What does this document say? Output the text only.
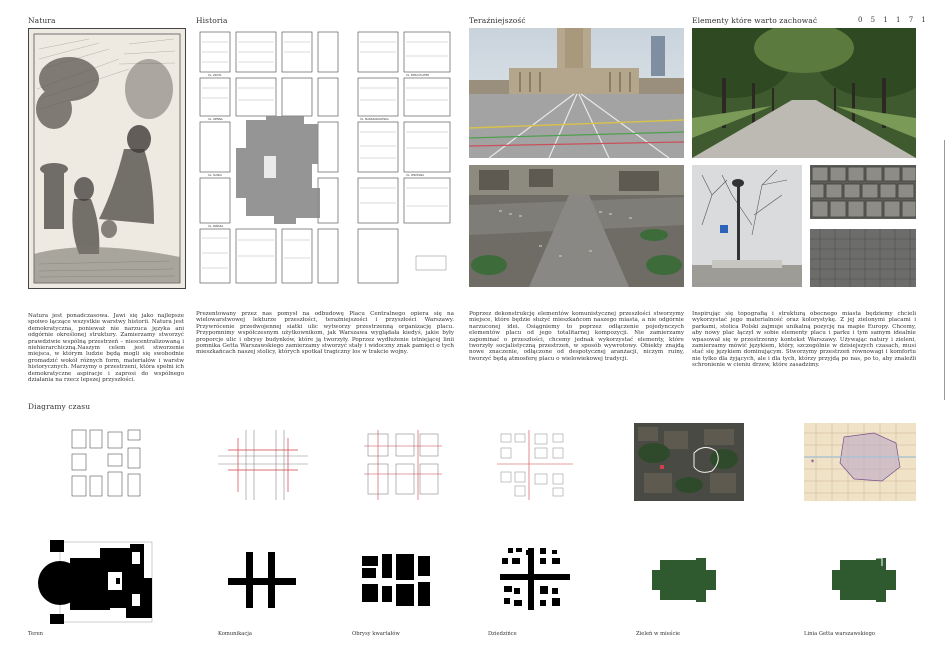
Natura	Historia	Teraźniejszość	Elementy które warto zachować	0 5 1 1 7 1
UL. ZŁOTA
UL. SIENNA
UL. ŚLISKA
UL. PAŃSKA
UL. MARSZAŁKOWSKA
UL. EMILII PLATER
UL. WSPÓLNA
Natura jest ponadczasowa. Jawi się jako najlepsze spoiwo łączące wszystkie warstwy historii. Natura jest demokratyczna, ponieważ nie narzuca języka ani odgórnie określonej struktury. Zamierzamy stworzyć prawdziwie wspólną przestrzeń – niescentralizowaną i niehierarchiczną.Naszym celem jest stworzenie miejsca, w którym ludzie będą mogli się swobodnie gromadzić wokół różnych form, materiałów i warstw historycznych. Marzymy o przestrzeni, która spełni ich demokratyczne aspiracje i zaprosi do wspólnego działania na rzecz lepszej przyszłości.
Prezentowany przez nas pomysł na odbudowę Placu Centralnego opiera się na wielowarstwowej lekturze przeszłości, teraźniejszości i przyszłości Warszawy. Przywrócenie przedwojennej siatki ulic wytworzy przestrzenną organizację placu. Przypomnimy współczesnym użytkownikom, jak Warszawa wyglądała kiedyś, jakie były proporcje ulic i obrysy budynków, które ją tworzyły. Poprzez wydłużenie istniejącej linii pomnika Getta Warszawskiego zamierzamy stworzyć stały i widoczny znak pamięci o tych mieszkańcach naszej stolicy, których spotkał tragiczny los w trakcie wojny.
Poprzez dekonstrukcję elementów komunistycznej przeszłości stworzymy miejsce, które będzie służyć mieszkańcom naszego miasta, a nie odgórnie narzuconej idei. Osiągniemy to poprzez odłączenie pojedynczych elementów placu od jego totalitarnej kompozycji. Nie zamierzamy zapominać o przeszłości, chcemy jednak wykorzystać elementy, które tworzyły socjalistyczną przestrzeń, w sposób wywrotowy. Obiekty znajdą nowe znaczenie, odłączone od despotycznej aranżacji, niczym ruiny, tworzyć będą atmosferę placu o wielowiekowej tradycji.
Inspirując się topografią i strukturą obecnego miasta będziemy chcieli wykorzystać jego materialność oraz kolorystykę. Z jej zielonymi placami i parkami, stolica Polski zajmuje unikalną pozycję na mapie Europy. Chcemy, aby nowy plac łączył w sobie elementy placu i parku i tym samym idealnie wpasował się w przestrzenny kontekst Warszawy. Używając natury i zieleni, zamierzamy mówić językiem, który, szczególnie w dzisiejszych czasach, musi stać się językiem dominującym. Stworzymy przestrzeń równowagi i komfortu nie tylko dla żyjących, ale i dla tych, którzy przyjdą po nas, po to, aby znaleźli schronienie w cieniu drzew, które zasadzimy.
Diagramy czasu
✶
Teren	Komunikacja	Obrysy kwartałów	Dziedzińce	Zieleń w mieście	Linia Getta warszawskiego
